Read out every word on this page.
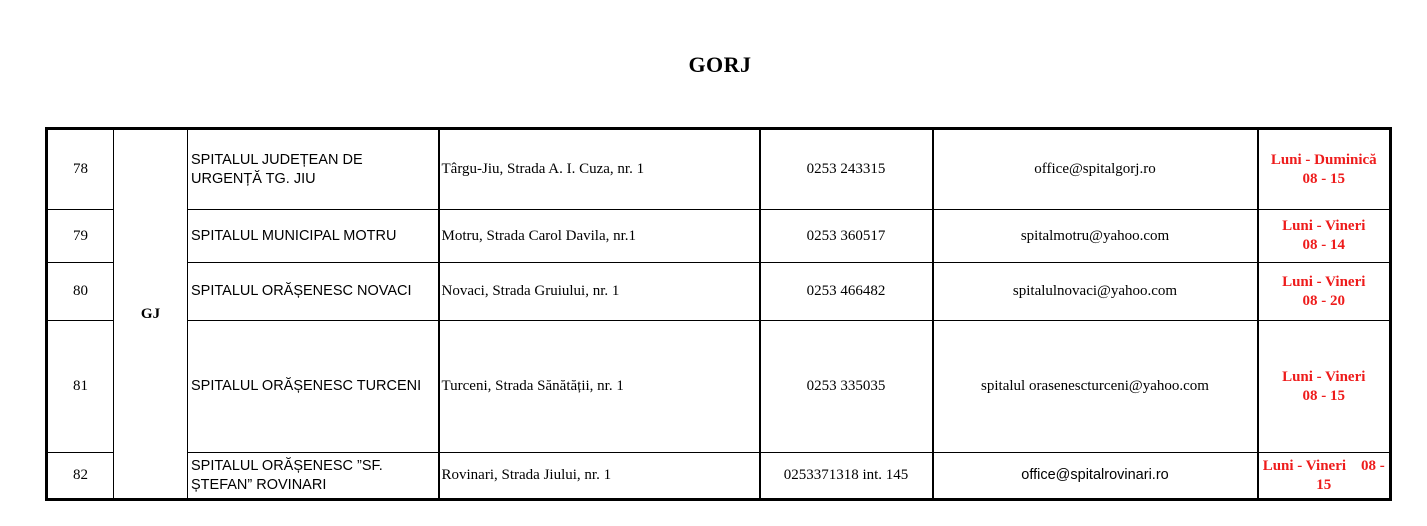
GORJ
78	GJ	SPITALUL JUDEȚEAN DE URGENȚĂ TG. JIU	Târgu-Jiu, Strada A. I. Cuza, nr. 1	0253 243315	office@spitalgorj.ro	Luni - Duminică
08 - 15

79		SPITALUL MUNICIPAL MOTRU	Motru, Strada Carol Davila, nr.1	0253 360517	spitalmotru@yahoo.com	Luni - Vineri
08 - 14

80		SPITALUL ORĂȘENESC NOVACI	Novaci, Strada Gruiului, nr. 1	0253 466482	spitalulnovaci@yahoo.com	Luni - Vineri
08 - 20

81		SPITALUL ORĂȘENESC TURCENI	Turceni, Strada Sănătății, nr. 1	0253 335035	spitalul orasenescturceni@yahoo.com	Luni - Vineri
08 - 15

82		SPITALUL ORĂȘENESC ”SF. ȘTEFAN” ROVINARI	Rovinari, Strada Jiului, nr. 1	0253371318 int. 145	office@spitalrovinari.ro	Luni - Vineri    08 -
15
